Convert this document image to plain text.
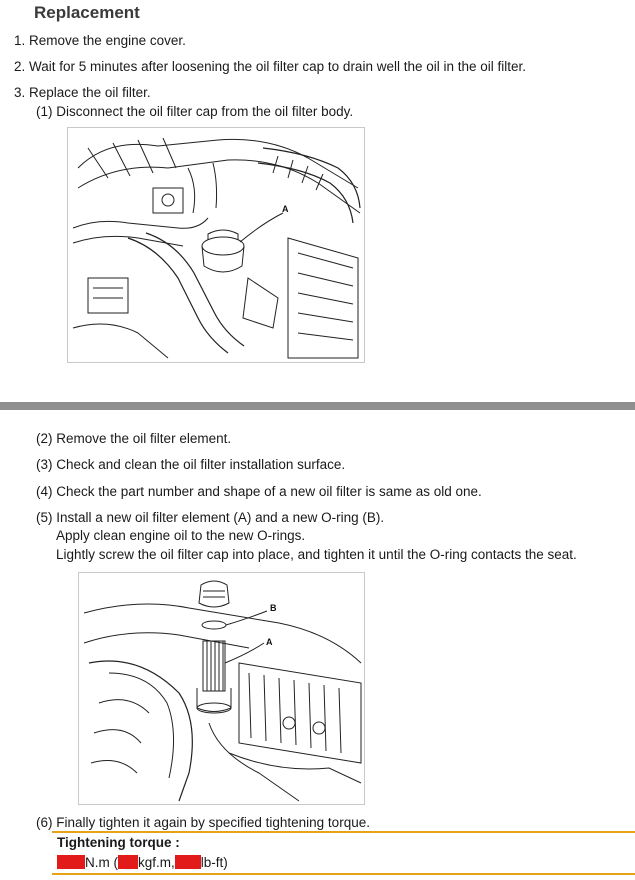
Replacement
1. Remove the engine cover.
2. Wait for 5 minutes after loosening the oil filter cap to drain well the oil in the oil filter.
3. Replace the oil filter.
(1) Disconnect the oil filter cap from the oil filter body.
A
(2) Remove the oil filter element.
(3) Check and clean the oil filter installation surface.
(4) Check the part number and shape of a new oil filter is same as old one.
(5) Install a new oil filter element (A) and a new O-ring (B).
Apply clean engine oil to the new O-rings.
Lightly screw the oil filter cap into place, and tighten it until the O-ring contacts the seat.
B
A
(6) Finally tighten it again by specified tightening torque.
Tightening torque :
N.m ( kgf.m, lb-ft)
